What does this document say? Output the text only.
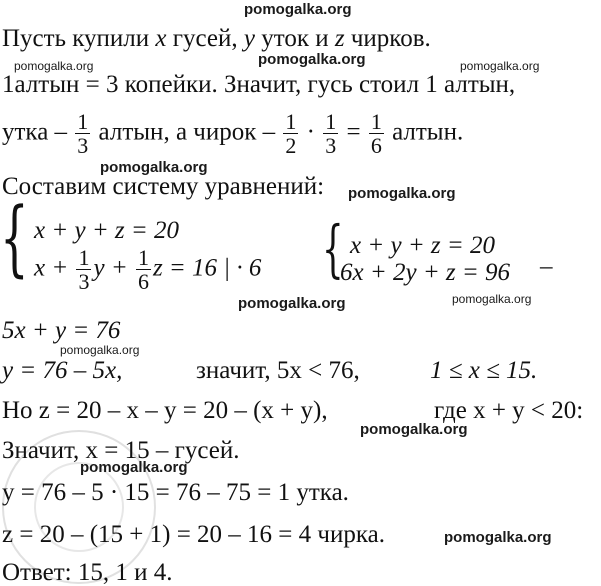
pomogalka.org
pomogalka.org	pomogalka.org	pomogalka.org
pomogalka.org
pomogalka.org
pomogalka.org	pomogalka.org
pomogalka.org
pomogalka.org
pomogalka.org
pomogalka.org
Пусть купили x гусей, y уток и z чирков.
1алтын = 3 копейки. Значит, гусь стоил 1 алтын,
утка – $\frac{1}{3}$ алтын, а чирок – $\frac{1}{2} \cdot \frac{1}{3} = \frac{1}{6}$ алтын.
Составим систему уравнений:
{ x + y + z = 20
$x + \frac{1}{3}$ $y + \frac{1}{6}$ z = 16 | · 6 { x + y + z = 20
6x + 2y + z = 96 –
5x + y = 76
y = 76 – 5x,	значит, 5x < 76,	1 ≤ x ≤ 15.
Но z = 20 – x – y = 20 – (x + y),	где x + y < 20:
Значит, x = 15 – гусей.
y = 76 – 5 · 15 = 76 – 75 = 1 утка.
z = 20 – (15 + 1) = 20 – 16 = 4 чирка.
Ответ: 15, 1 и 4.
